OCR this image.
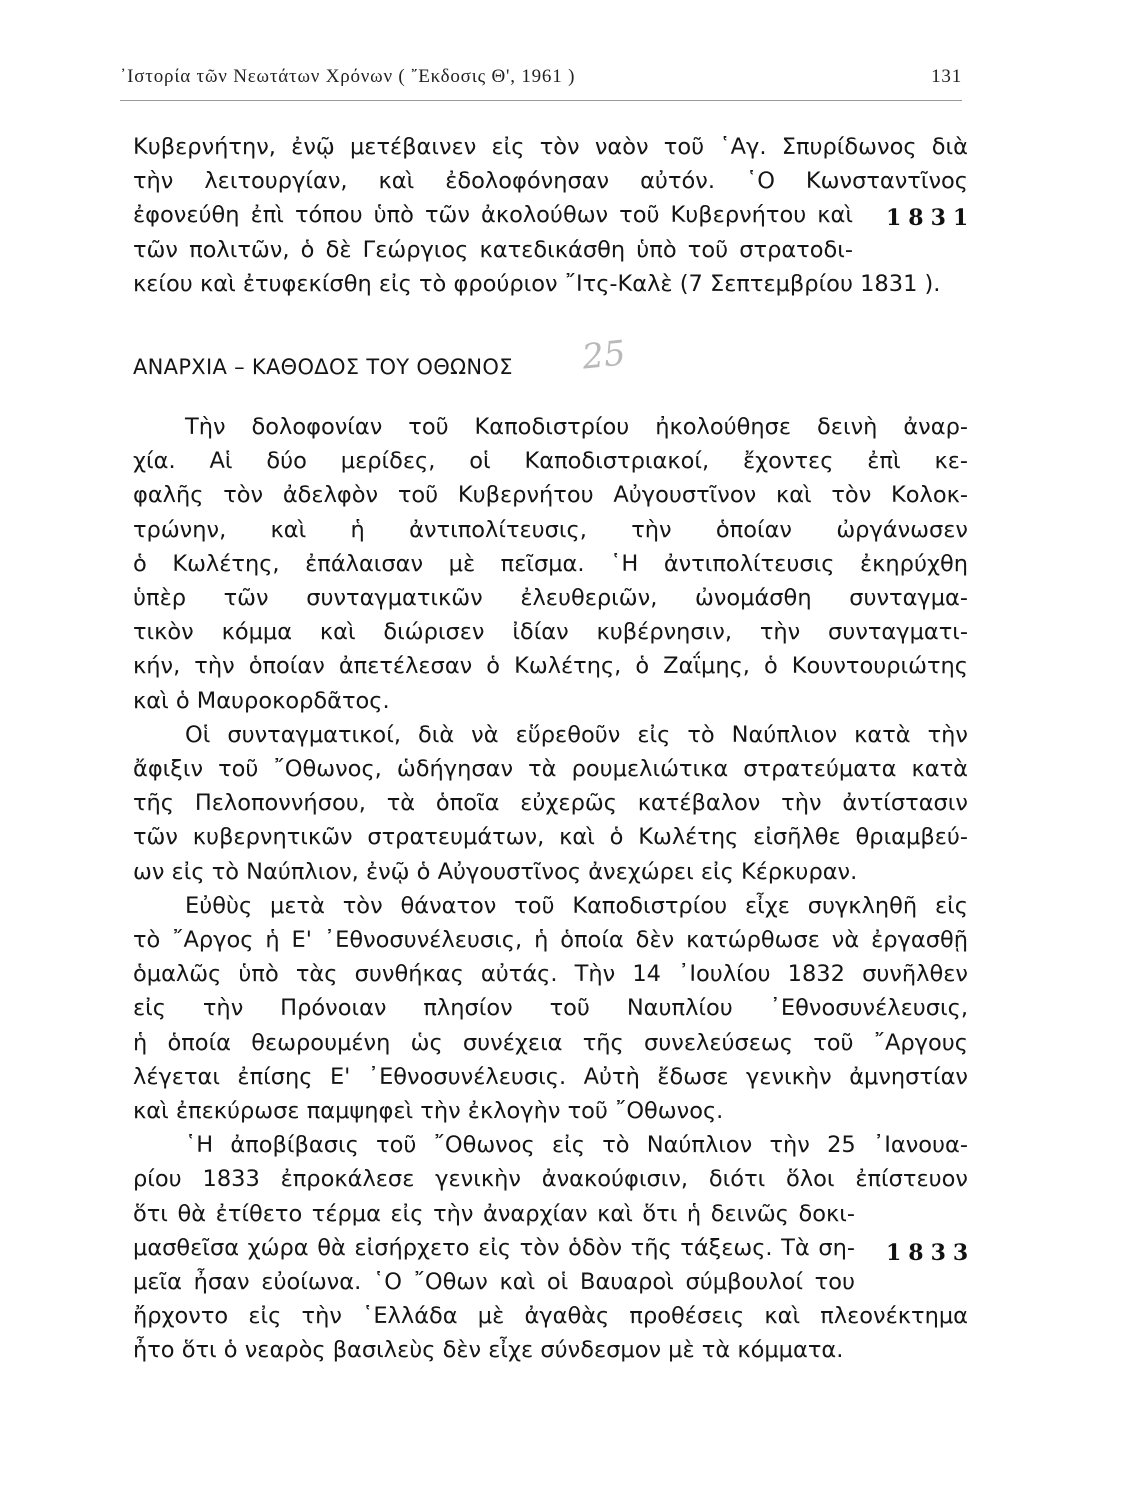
᾿Ιστορία τῶν Νεωτάτων Χρόνων ( ῎Εκδοσις Θ', 1961 )	131
1831
1833
25
Κυβερνήτην, ἐνῷ μετέβαινεν εἰς τὸν ναὸν τοῦ ῾Αγ. Σπυρίδωνος διὰ
τὴν λειτουργίαν, καὶ ἐδολοφόνησαν αὐτόν. ῾Ο Κωνσταντῖνος
ἐφονεύθη ἐπὶ τόπου ὑπὸ τῶν ἀκολούθων τοῦ Κυβερνήτου καὶ
τῶν πολιτῶν, ὁ δὲ Γεώργιος κατεδικάσθη ὑπὸ τοῦ στρατοδι-
κείου καὶ ἐτυφεκίσθη εἰς τὸ φρούριον ῎Ιτς-Καλὲ (7 Σεπτεμβρίου 1831 ).
ΑΝΑΡΧΙΑ – ΚΑΘΟΔΟΣ ΤΟΥ ΟΘΩΝΟΣ
Τὴν δολοφονίαν τοῦ Καποδιστρίου ἠκολούθησε δεινὴ ἀναρ-
χία. Αἱ δύο μερίδες, οἱ Καποδιστριακοί, ἔχοντες ἐπὶ κε-
φαλῆς τὸν ἀδελφὸν τοῦ Κυβερνήτου Αὐγουστῖνον καὶ τὸν Κολοκ-
τρώνην, καὶ ἡ ἀντιπολίτευσις, τὴν ὁποίαν ὠργάνωσεν
ὁ Κωλέτης, ἐπάλαισαν μὲ πεῖσμα. ῾Η ἀντιπολίτευσις ἐκηρύχθη
ὑπὲρ τῶν συνταγματικῶν ἐλευθεριῶν, ὠνομάσθη συνταγμα-
τικὸν κόμμα καὶ διώρισεν ἰδίαν κυβέρνησιν, τὴν συνταγματι-
κήν, τὴν ὁποίαν ἀπετέλεσαν ὁ Κωλέτης, ὁ Ζαΐμης, ὁ Κουντουριώτης
καὶ ὁ Μαυροκορδᾶτος.
Οἱ συνταγματικοί, διὰ νὰ εὕρεθοῦν εἰς τὸ Ναύπλιον κατὰ τὴν
ἄφιξιν τοῦ ῎Οθωνος, ὡδήγησαν τὰ ρουμελιώτικα στρατεύματα κατὰ
τῆς Πελοποννήσου, τὰ ὁποῖα εὐχερῶς κατέβαλον τὴν ἀντίστασιν
τῶν κυβερνητικῶν στρατευμάτων, καὶ ὁ Κωλέτης εἰσῆλθε θριαμβεύ-
ων εἰς τὸ Ναύπλιον, ἐνῷ ὁ Αὐγουστῖνος ἀνεχώρει εἰς Κέρκυραν.
Εὐθὺς μετὰ τὸν θάνατον τοῦ Καποδιστρίου εἶχε συγκληθῆ εἰς
τὸ ῎Αργος ἡ Ε' ᾿Εθνοσυνέλευσις, ἡ ὁποία δὲν κατώρθωσε νὰ ἐργασθῇ
ὁμαλῶς ὑπὸ τὰς συνθήκας αὐτάς. Τὴν 14 ᾿Ιουλίου 1832 συνῆλθεν
εἰς τὴν Πρόνοιαν πλησίον τοῦ Ναυπλίου ᾿Εθνοσυνέλευσις,
ἡ ὁποία θεωρουμένη ὡς συνέχεια τῆς συνελεύσεως τοῦ ῎Αργους
λέγεται ἐπίσης Ε' ᾿Εθνοσυνέλευσις. Αὐτὴ ἔδωσε γενικὴν ἀμνηστίαν
καὶ ἐπεκύρωσε παμψηφεὶ τὴν ἐκλογὴν τοῦ ῎Οθωνος.
῾Η ἀποβίβασις τοῦ ῎Οθωνος εἰς τὸ Ναύπλιον τὴν 25 ᾿Ιανουα-
ρίου 1833 ἐπροκάλεσε γενικὴν ἀνακούφισιν, διότι ὅλοι ἐπίστευον
ὅτι θὰ ἐτίθετο τέρμα εἰς τὴν ἀναρχίαν καὶ ὅτι ἡ δεινῶς δοκι-
μασθεῖσα χώρα θὰ εἰσήρχετο εἰς τὸν ὁδὸν τῆς τάξεως. Τὰ ση-
μεῖα ἦσαν εὐοίωνα. ῾Ο ῎Οθων καὶ οἱ Βαυαροὶ σύμβουλοί του
ἤρχοντο εἰς τὴν ῾Ελλάδα μὲ ἀγαθὰς προθέσεις καὶ πλεονέκτημα
ἦτο ὅτι ὁ νεαρὸς βασιλεὺς δὲν εἶχε σύνδεσμον μὲ τὰ κόμματα.
